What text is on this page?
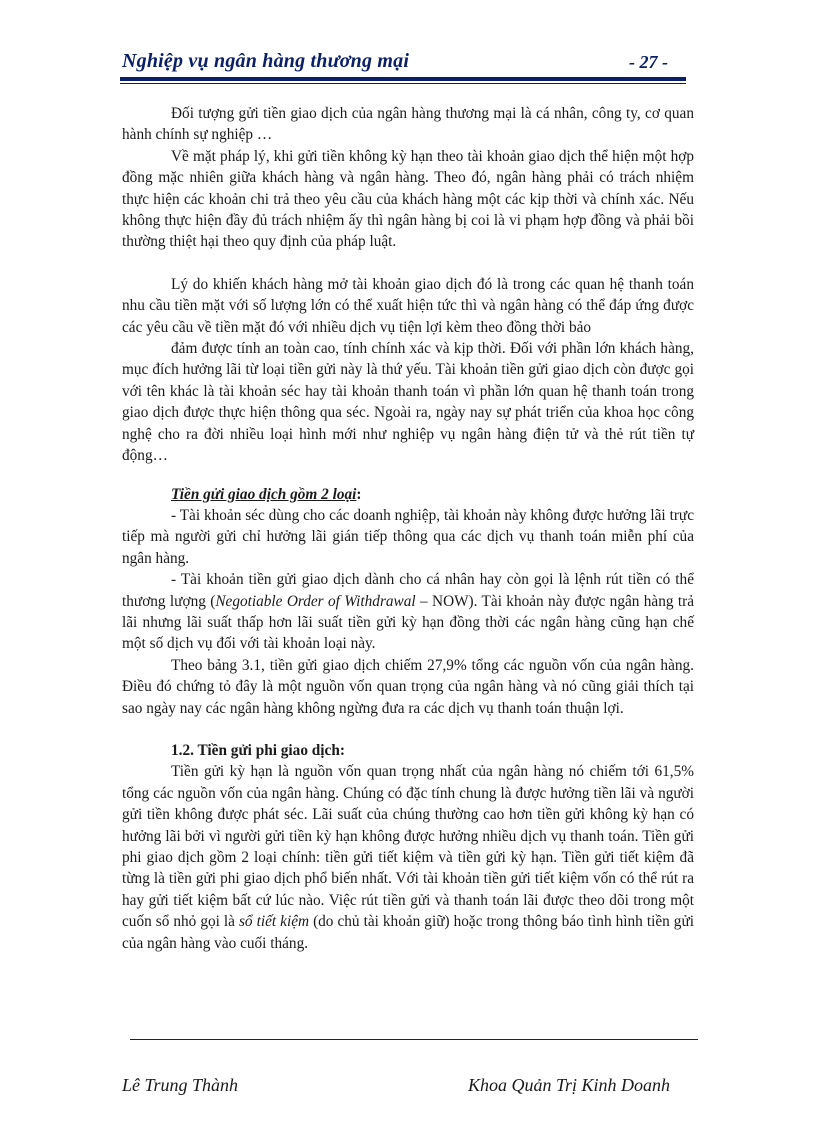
Nghiệp vụ ngân hàng thương mại	- 27 -

Đối tượng gửi tiền giao dịch của ngân hàng thương mại là cá nhân, công ty, cơ quan hành chính sự nghiệp …

Về mặt pháp lý, khi gửi tiền không kỳ hạn theo tài khoản giao dịch thể hiện một hợp đồng mặc nhiên giữa khách hàng và ngân hàng. Theo đó, ngân hàng phải có trách nhiệm thực hiện các khoản chi trả theo yêu cầu của khách hàng một các kịp thời và chính xác. Nếu không thực hiện đầy đủ trách nhiệm ấy thì ngân hàng bị coi là vi phạm hợp đồng và phải bồi thường thiệt hại theo quy định của pháp luật.

Lý do khiến khách hàng mở tài khoản giao dịch đó là trong các quan hệ thanh toán nhu cầu tiền mặt với số lượng lớn có thể xuất hiện tức thì và ngân hàng có thể đáp ứng được các yêu cầu về tiền mặt đó với nhiều dịch vụ tiện lợi kèm theo đồng thời bảo

đảm được tính an toàn cao, tính chính xác và kịp thời. Đối với phần lớn khách hàng, mục đích hưởng lãi từ loại tiền gửi này là thứ yếu. Tài khoản tiền gửi giao dịch còn được gọi với tên khác là tài khoản séc hay tài khoản thanh toán vì phần lớn quan hệ thanh toán trong giao dịch được thực hiện thông qua séc. Ngoài ra, ngày nay sự phát triển của khoa học công nghệ cho ra đời nhiều loại hình mới như nghiệp vụ ngân hàng điện tử và thẻ rút tiền tự động…

Tiền gửi giao dịch gồm 2 loại:

- Tài khoản séc dùng cho các doanh nghiệp, tài khoản này không được hưởng lãi trực tiếp mà người gửi chỉ hưởng lãi gián tiếp thông qua các dịch vụ thanh toán miễn phí của ngân hàng.

- Tài khoản tiền gửi giao dịch dành cho cá nhân hay còn gọi là lệnh rút tiền có thể thương lượng (Negotiable Order of Withdrawal – NOW). Tài khoản này được ngân hàng trả lãi nhưng lãi suất thấp hơn lãi suất tiền gửi kỳ hạn đồng thời các ngân hàng cũng hạn chế một số dịch vụ đối với tài khoản loại này.

Theo bảng 3.1, tiền gửi giao dịch chiếm 27,9% tổng các nguồn vốn của ngân hàng. Điều đó chứng tỏ đây là một nguồn vốn quan trọng của ngân hàng và nó cũng giải thích tại sao ngày nay các ngân hàng không ngừng đưa ra các dịch vụ thanh toán thuận lợi.

1.2. Tiền gửi phi giao dịch:

Tiền gửi kỳ hạn là nguồn vốn quan trọng nhất của ngân hàng nó chiếm tới 61,5% tổng các nguồn vốn của ngân hàng. Chúng có đặc tính chung là được hưởng tiền lãi và người gửi tiền không được phát séc. Lãi suất của chúng thường cao hơn tiền gửi không kỳ hạn có hưởng lãi bởi vì người gửi tiền kỳ hạn không được hưởng nhiều dịch vụ thanh toán. Tiền gửi phi giao dịch gồm 2 loại chính: tiền gửi tiết kiệm và tiền gửi kỳ hạn. Tiền gửi tiết kiệm đã từng là tiền gửi phi giao dịch phổ biến nhất. Với tài khoản tiền gửi tiết kiệm vốn có thể rút ra hay gửi tiết kiệm bất cứ lúc nào. Việc rút tiền gửi và thanh toán lãi được theo dõi trong một cuốn sổ nhỏ gọi là sổ tiết kiệm (do chủ tài khoản giữ) hoặc trong thông báo tình hình tiền gửi của ngân hàng vào cuối tháng.

Lê Trung Thành	Khoa Quản Trị Kinh Doanh
